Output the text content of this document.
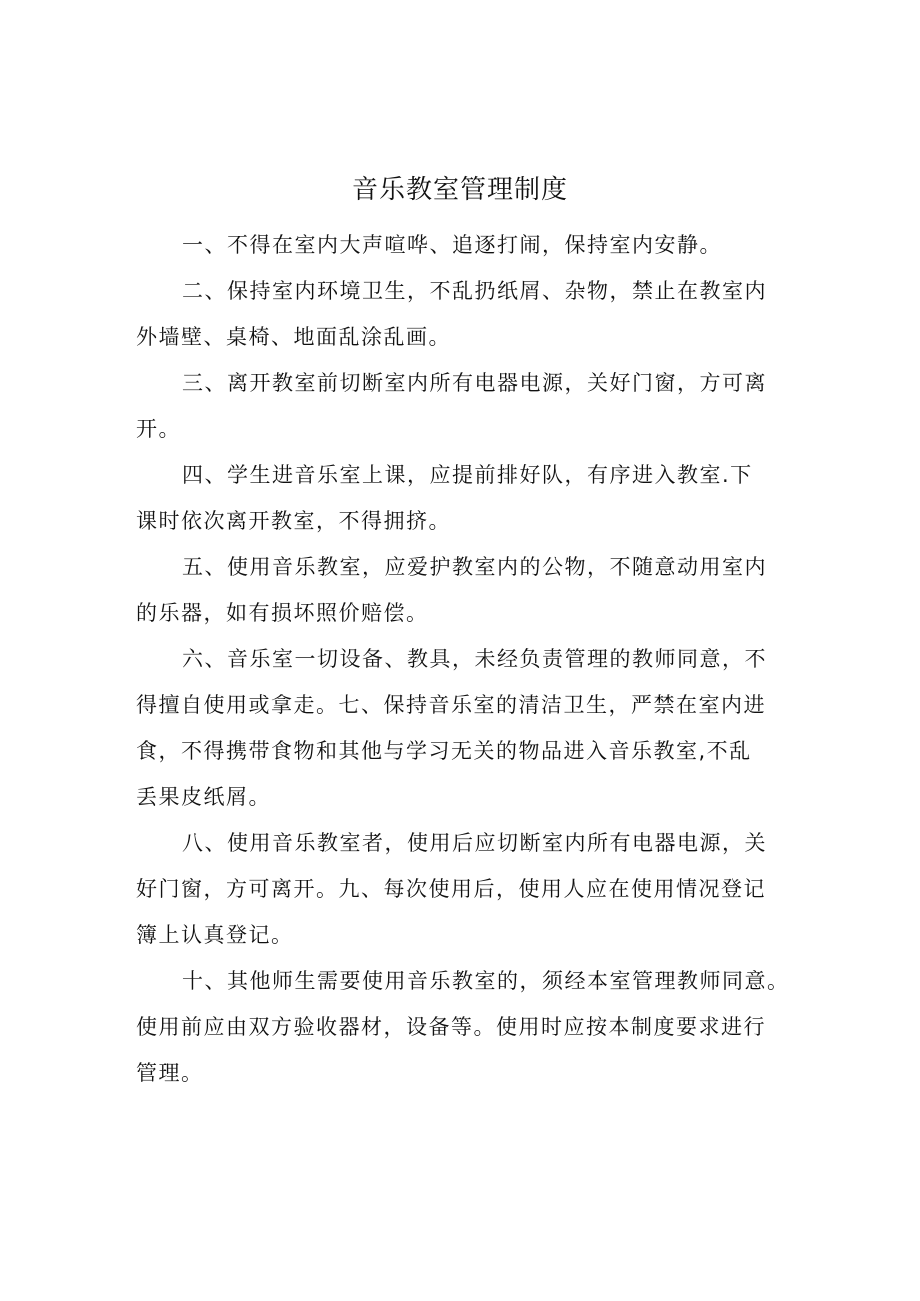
音乐教室管理制度
一、不得在室内大声喧哗、追逐打闹，保持室内安静。
二、保持室内环境卫生，不乱扔纸屑、杂物，禁止在教室内
外墙壁、桌椅、地面乱涂乱画。
三、离开教室前切断室内所有电器电源，关好门窗，方可离
开。
四、学生进音乐室上课，应提前排好队，有序进入教室.下
课时依次离开教室，不得拥挤。
五、使用音乐教室，应爱护教室内的公物，不随意动用室内
的乐器，如有损坏照价赔偿。
六、音乐室一切设备、教具，未经负责管理的教师同意，不
得擅自使用或拿走。七、保持音乐室的清洁卫生，严禁在室内进
食，不得携带食物和其他与学习无关的物品进入音乐教室,不乱
丢果皮纸屑。
八、使用音乐教室者，使用后应切断室内所有电器电源，关
好门窗，方可离开。九、每次使用后，使用人应在使用情况登记
簿上认真登记。
十、其他师生需要使用音乐教室的，须经本室管理教师同意。
使用前应由双方验收器材，设备等。使用时应按本制度要求进行
管理。
